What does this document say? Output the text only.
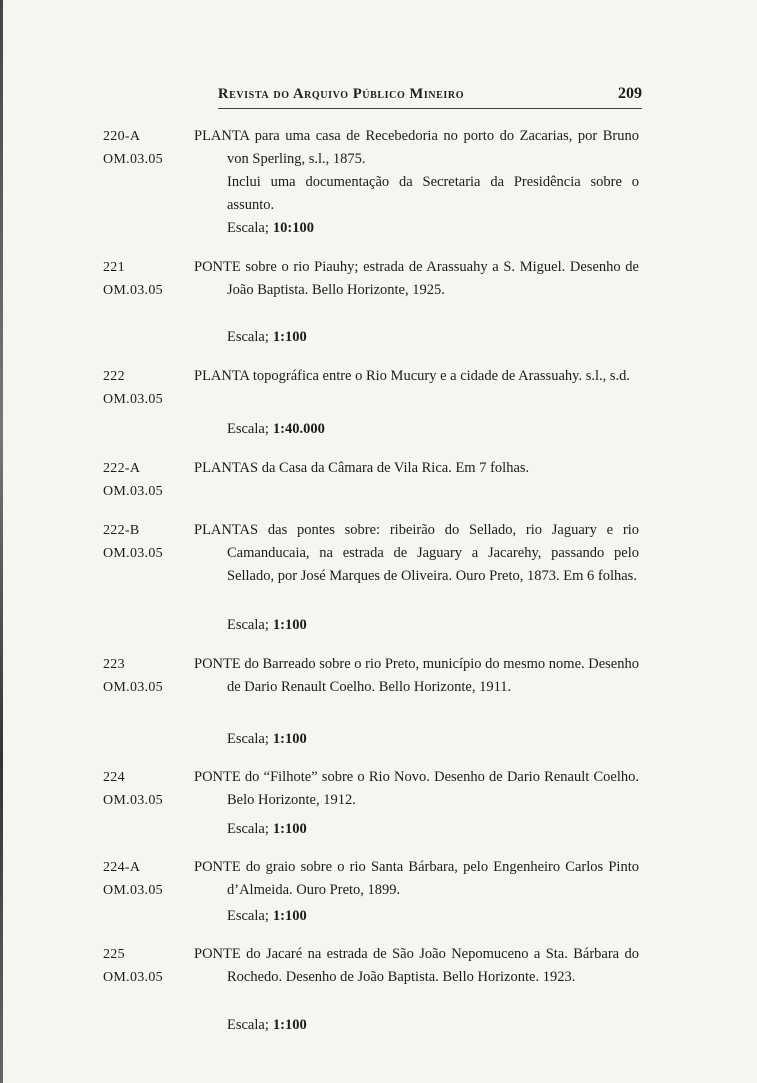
Revista do Arquivo Público Mineiro	209
220-A
OM.03.05

PLANTA para uma casa de Recebedoria no porto do Zacarias, por Bruno von Sperling, s.l., 1875.

Inclui uma documentação da Secretaria da Presidência sobre o assunto.

Escala; 10:100
221
OM.03.05

PONTE sobre o rio Piauhy; estrada de Arassuahy a S. Miguel. Desenho de João Baptista. Bello Horizonte, 1925.

Escala; 1:100
222
OM.03.05

PLANTA topográfica entre o Rio Mucury e a cidade de Arassuahy. s.l., s.d.

Escala; 1:40.000
222-A
OM.03.05

PLANTAS da Casa da Câmara de Vila Rica. Em 7 folhas.

222-B
OM.03.05

PLANTAS das pontes sobre: ribeirão do Sellado, rio Jaguary e rio Camanducaia, na estrada de Jaguary a Jacarehy, passando pelo Sellado, por José Marques de Oliveira. Ouro Preto, 1873. Em 6 folhas.

Escala; 1:100
223
OM.03.05

PONTE do Barreado sobre o rio Preto, município do mesmo nome. Desenho de Dario Renault Coelho. Bello Horizonte, 1911.

Escala; 1:100
224
OM.03.05

PONTE do “Filhote” sobre o Rio Novo. Desenho de Dario Renault Coelho. Belo Horizonte, 1912.

Escala; 1:100
224-A
OM.03.05

PONTE do graio sobre o rio Santa Bárbara, pelo Engenheiro Carlos Pinto d’Almeida. Ouro Preto, 1899.

Escala; 1:100
225
OM.03.05

PONTE do Jacaré na estrada de São João Nepomuceno a Sta. Bárbara do Rochedo. Desenho de João Baptista. Bello Horizonte. 1923.

Escala; 1:100
